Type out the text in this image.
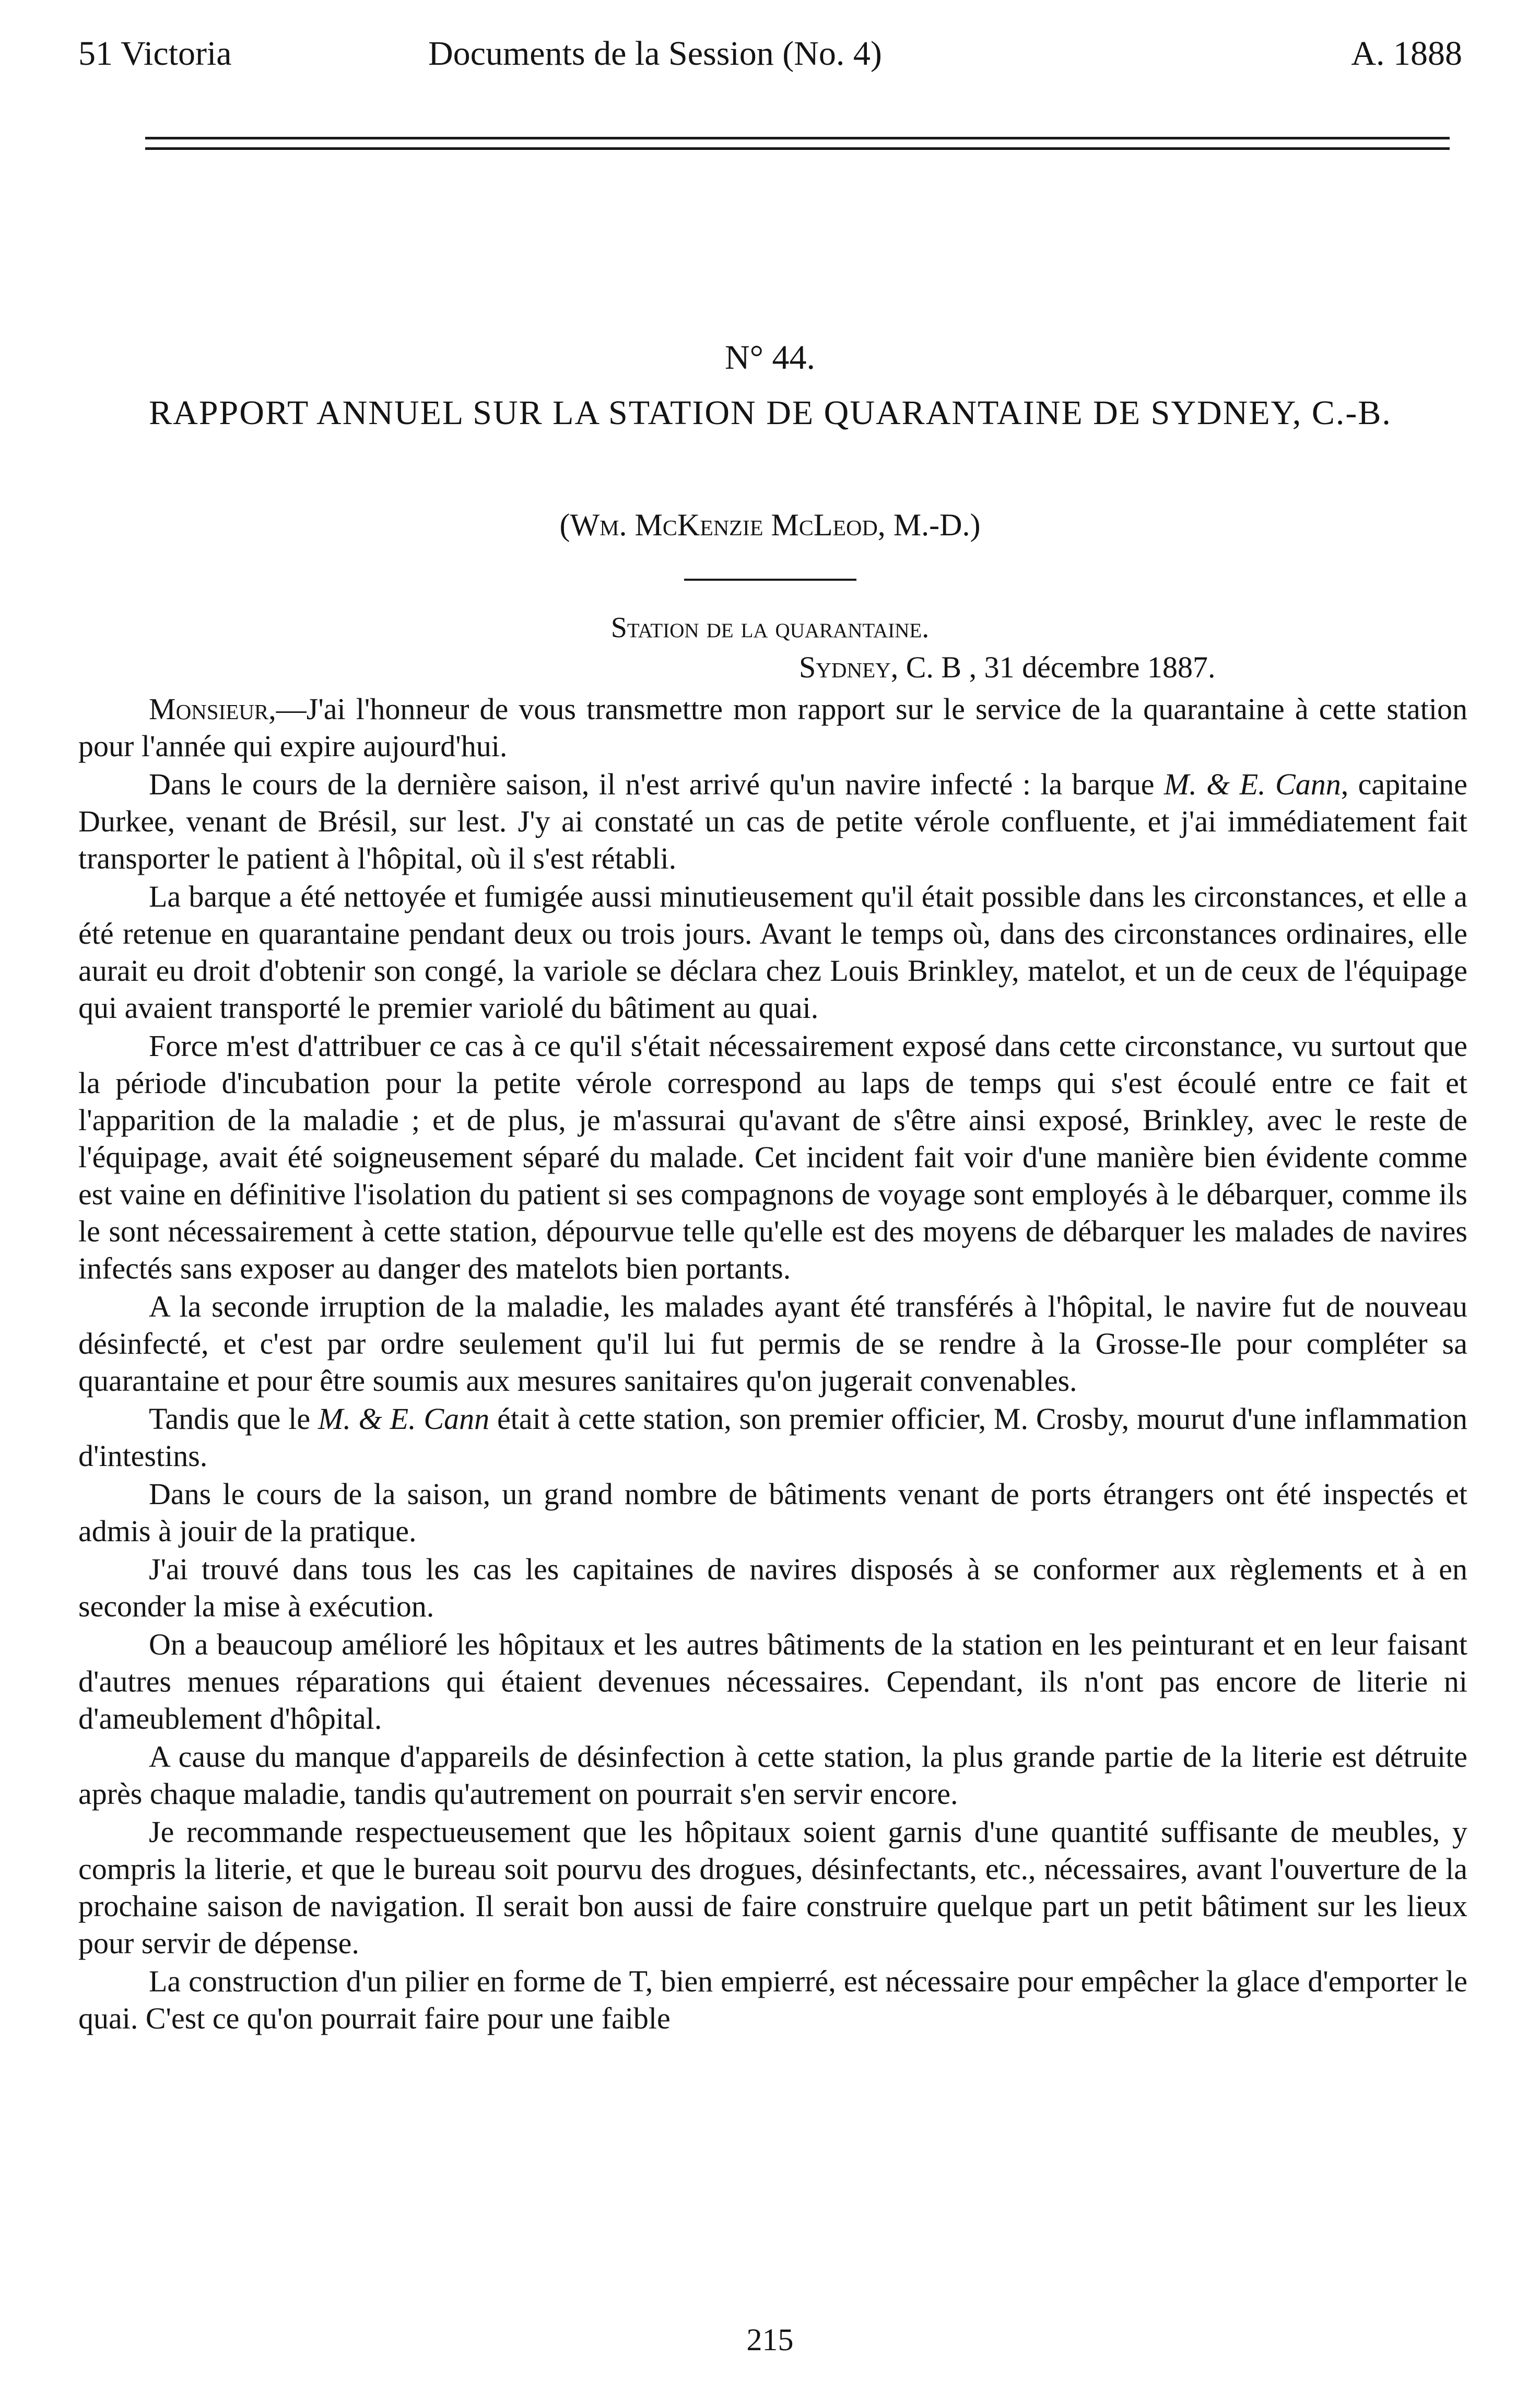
51 Victoria	Documents de la Session (No. 4)	A. 1888
N° 44.
RAPPORT ANNUEL SUR LA STATION DE QUARANTAINE DE SYDNEY, C.-B.
(Wm. McKenzie McLeod, M.-D.)
Station de la quarantaine.
Sydney, C. B , 31 décembre 1887.

Monsieur,—J'ai l'honneur de vous transmettre mon rapport sur le service de la quarantaine à cette station pour l'année qui expire aujourd'hui.

Dans le cours de la dernière saison, il n'est arrivé qu'un navire infecté : la barque M. & E. Cann, capitaine Durkee, venant de Brésil, sur lest. J'y ai constaté un cas de petite vérole confluente, et j'ai immédiatement fait transporter le patient à l'hôpital, où il s'est rétabli.

La barque a été nettoyée et fumigée aussi minutieusement qu'il était possible dans les circonstances, et elle a été retenue en quarantaine pendant deux ou trois jours. Avant le temps où, dans des circonstances ordinaires, elle aurait eu droit d'obtenir son congé, la variole se déclara chez Louis Brinkley, matelot, et un de ceux de l'équipage qui avaient transporté le premier variolé du bâtiment au quai.

Force m'est d'attribuer ce cas à ce qu'il s'était nécessairement exposé dans cette circonstance, vu surtout que la période d'incubation pour la petite vérole correspond au laps de temps qui s'est écoulé entre ce fait et l'apparition de la maladie ; et de plus, je m'assurai qu'avant de s'être ainsi exposé, Brinkley, avec le reste de l'équipage, avait été soigneusement séparé du malade. Cet incident fait voir d'une manière bien évidente comme est vaine en définitive l'isolation du patient si ses compagnons de voyage sont employés à le débarquer, comme ils le sont nécessairement à cette station, dépourvue telle qu'elle est des moyens de débarquer les malades de navires infectés sans exposer au danger des matelots bien portants.

A la seconde irruption de la maladie, les malades ayant été transférés à l'hôpital, le navire fut de nouveau désinfecté, et c'est par ordre seulement qu'il lui fut permis de se rendre à la Grosse-Ile pour compléter sa quarantaine et pour être soumis aux mesures sanitaires qu'on jugerait convenables.

Tandis que le M. & E. Cann était à cette station, son premier officier, M. Crosby, mourut d'une inflammation d'intestins.

Dans le cours de la saison, un grand nombre de bâtiments venant de ports étrangers ont été inspectés et admis à jouir de la pratique.

J'ai trouvé dans tous les cas les capitaines de navires disposés à se conformer aux règlements et à en seconder la mise à exécution.

On a beaucoup amélioré les hôpitaux et les autres bâtiments de la station en les peinturant et en leur faisant d'autres menues réparations qui étaient devenues nécessaires. Cependant, ils n'ont pas encore de literie ni d'ameublement d'hôpital.

A cause du manque d'appareils de désinfection à cette station, la plus grande partie de la literie est détruite après chaque maladie, tandis qu'autrement on pourrait s'en servir encore.

Je recommande respectueusement que les hôpitaux soient garnis d'une quantité suffisante de meubles, y compris la literie, et que le bureau soit pourvu des drogues, désinfectants, etc., nécessaires, avant l'ouverture de la prochaine saison de navigation. Il serait bon aussi de faire construire quelque part un petit bâtiment sur les lieux pour servir de dépense.

La construction d'un pilier en forme de T, bien empierré, est nécessaire pour empêcher la glace d'emporter le quai. C'est ce qu'on pourrait faire pour une faible

215
